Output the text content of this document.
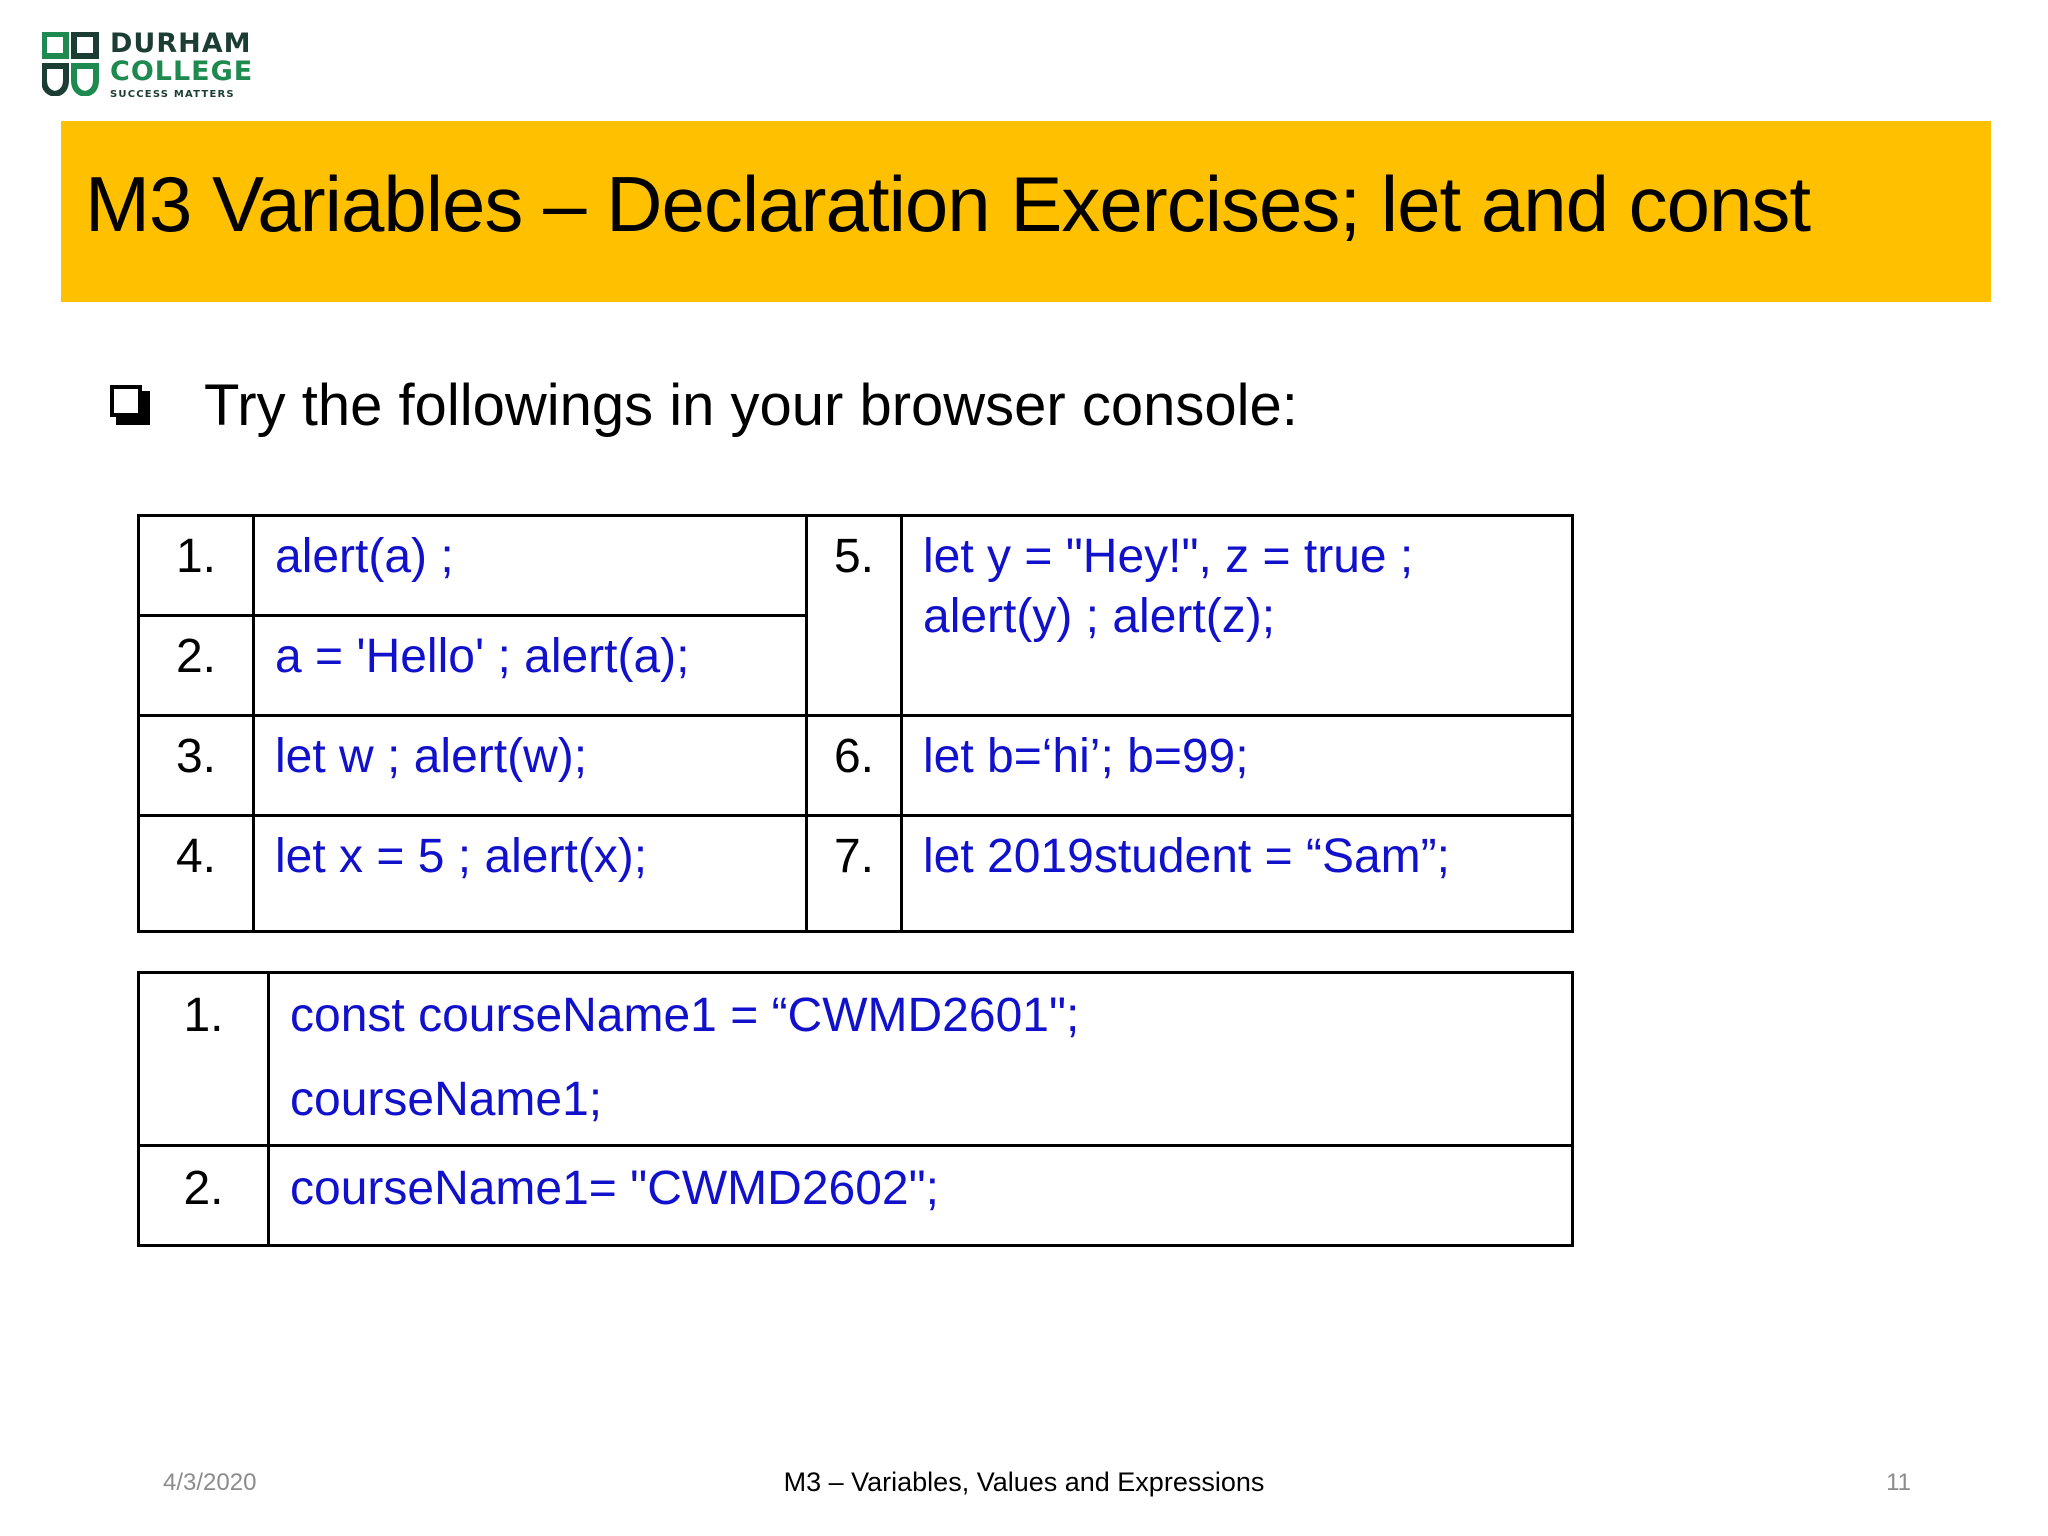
DURHAM
COLLEGE
SUCCESS MATTERS
M3 Variables – Declaration Exercises; let and const
Try the followings in your browser console:
1.	alert(a) ;	5.	let y = "Hey!", z = true ;
alert(y) ; alert(z);

2.	a = 'Hello' ; alert(a);		

3.	let w ; alert(w);	6.	let b=‘hi’; b=99;

4.	let x = 5 ; alert(x);	7.	let 2019student = “Sam”;
1.	const courseName1 = “CWMD2601";
courseName1;

2.	courseName1= "CWMD2602";
4/3/2020	M3 – Variables, Values and Expressions	11
